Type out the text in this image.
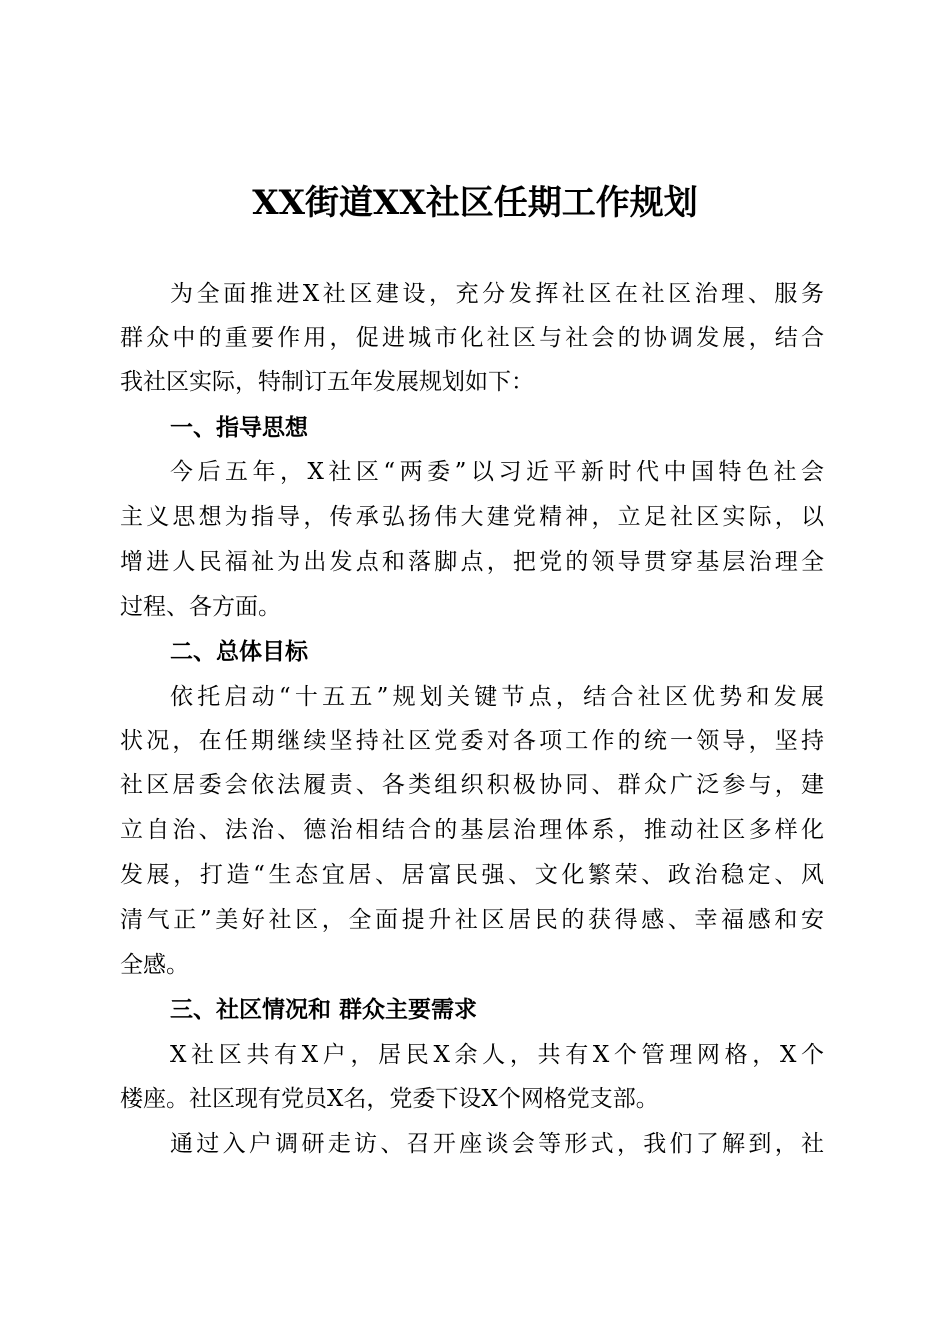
XX街道XX社区任期工作规划

为全面推进X社区建设，充分发挥社区在社区治理、服务

群众中的重要作用，促进城市化社区与社会的协调发展，结合

我社区实际，特制订五年发展规划如下：

一、指导思想

今后五年，X社区“两委”以习近平新时代中国特色社会

主义思想为指导，传承弘扬伟大建党精神，立足社区实际，以

增进人民福祉为出发点和落脚点，把党的领导贯穿基层治理全

过程、各方面。

二、总体目标

依托启动“十五五”规划关键节点，结合社区优势和发展

状况，在任期继续坚持社区党委对各项工作的统一领导，坚持

社区居委会依法履责、各类组织积极协同、群众广泛参与，建

立自治、法治、德治相结合的基层治理体系，推动社区多样化

发展，打造“生态宜居、居富民强、文化繁荣、政治稳定、风

清气正”美好社区，全面提升社区居民的获得感、幸福感和安

全感。

三、社区情况和 群众主要需求

X社区共有X户，居民X余人，共有X个管理网格，X个

楼座。社区现有党员X名，党委下设X个网格党支部。

通过入户调研走访、召开座谈会等形式，我们了解到，社
